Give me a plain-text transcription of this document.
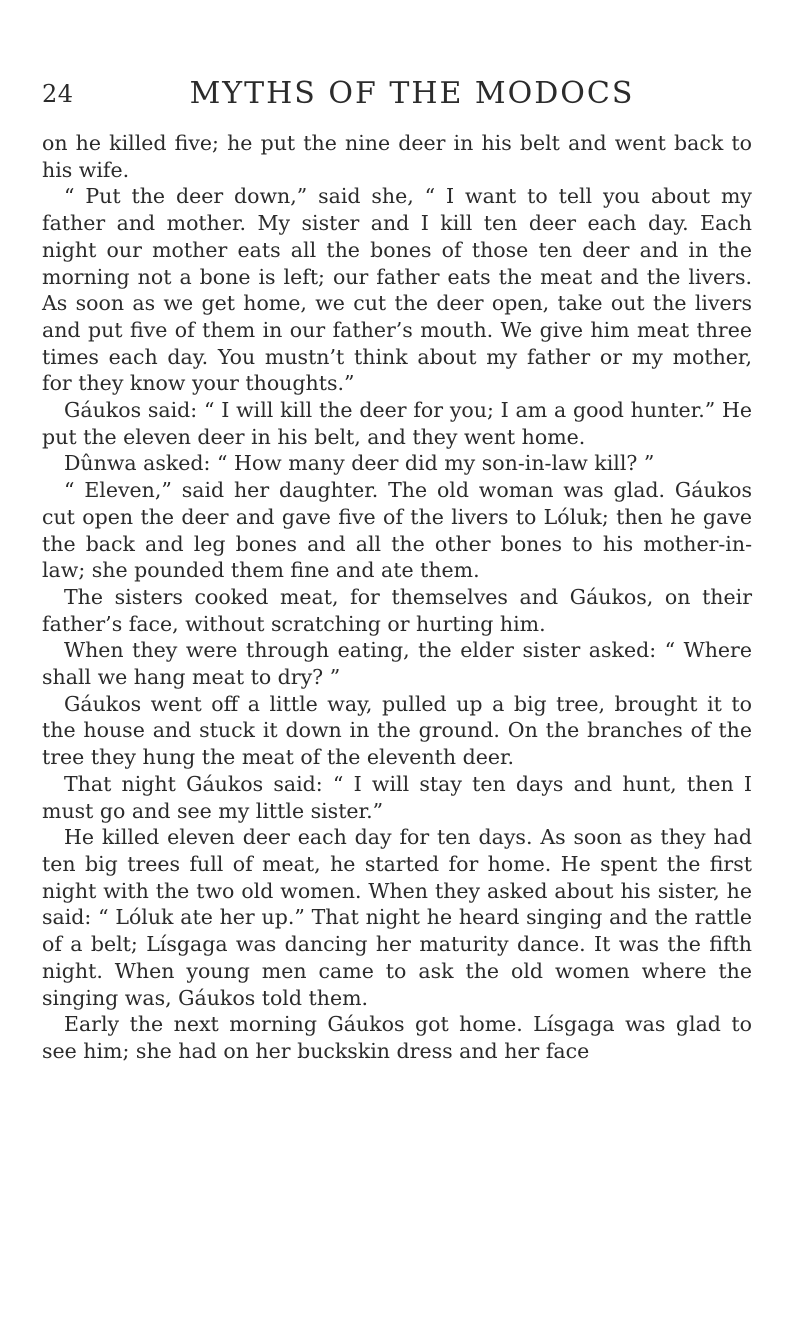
24	MYTHS OF THE MODOCS

on he killed five; he put the nine deer in his belt and went back to his wife.

“ Put the deer down,” said she, “ I want to tell you about my father and mother. My sister and I kill ten deer each day. Each night our mother eats all the bones of those ten deer and in the morning not a bone is left; our father eats the meat and the livers. As soon as we get home, we cut the deer open, take out the livers and put five of them in our father’s mouth. We give him meat three times each day. You mustn’t think about my father or my mother, for they know your thoughts.”

Gáukos said: “ I will kill the deer for you; I am a good hunter.” He put the eleven deer in his belt, and they went home.

Dûnwa asked: “ How many deer did my son-in-law kill? ”

“ Eleven,” said her daughter. The old woman was glad. Gáukos cut open the deer and gave five of the livers to Lóluk; then he gave the back and leg bones and all the other bones to his mother-in-law; she pounded them fine and ate them.

The sisters cooked meat, for themselves and Gáukos, on their father’s face, without scratching or hurting him.

When they were through eating, the elder sister asked: “ Where shall we hang meat to dry? ”

Gáukos went off a little way, pulled up a big tree, brought it to the house and stuck it down in the ground. On the branches of the tree they hung the meat of the eleventh deer.

That night Gáukos said: “ I will stay ten days and hunt, then I must go and see my little sister.”

He killed eleven deer each day for ten days. As soon as they had ten big trees full of meat, he started for home. He spent the first night with the two old women. When they asked about his sister, he said: “ Lóluk ate her up.” That night he heard singing and the rattle of a belt; Lísgaga was dancing her maturity dance. It was the fifth night. When young men came to ask the old women where the singing was, Gáukos told them.

Early the next morning Gáukos got home. Lísgaga was glad to see him; she had on her buckskin dress and her face
